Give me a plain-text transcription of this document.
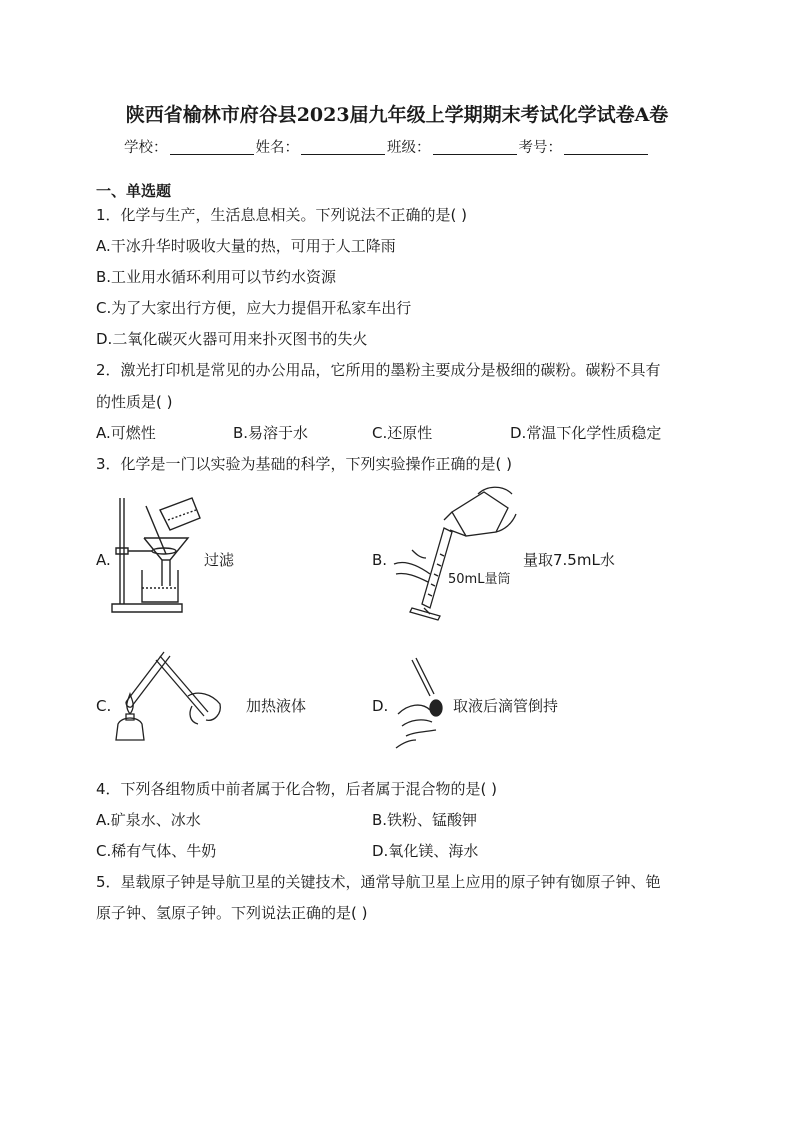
陕西省榆林市府谷县2023届九年级上学期期末考试化学试卷A卷
学校：	姓名：	班级：	考号：
一、单选题
1．化学与生产，生活息息相关。下列说法不正确的是( )
A.干冰升华时吸收大量的热，可用于人工降雨
B.工业用水循环利用可以节约水资源
C.为了大家出行方便，应大力提倡开私家车出行
D.二氧化碳灭火器可用来扑灭图书的失火
2．激光打印机是常见的办公用品，它所用的墨粉主要成分是极细的碳粉。碳粉不具有
的性质是( )
A.可燃性	B.易溶于水	C.还原性	D.常温下化学性质稳定
3．化学是一门以实验为基础的科学，下列实验操作正确的是( )
A.	过滤	B.
50mL量筒
量取7.5mL水
C.	加热液体	D.	取液后滴管倒持
4．下列各组物质中前者属于化合物，后者属于混合物的是( )
A.矿泉水、冰水	B.铁粉、锰酸钾
C.稀有气体、牛奶	D.氧化镁、海水
5．星载原子钟是导航卫星的关键技术，通常导航卫星上应用的原子钟有铷原子钟、铯
原子钟、氢原子钟。下列说法正确的是( )
